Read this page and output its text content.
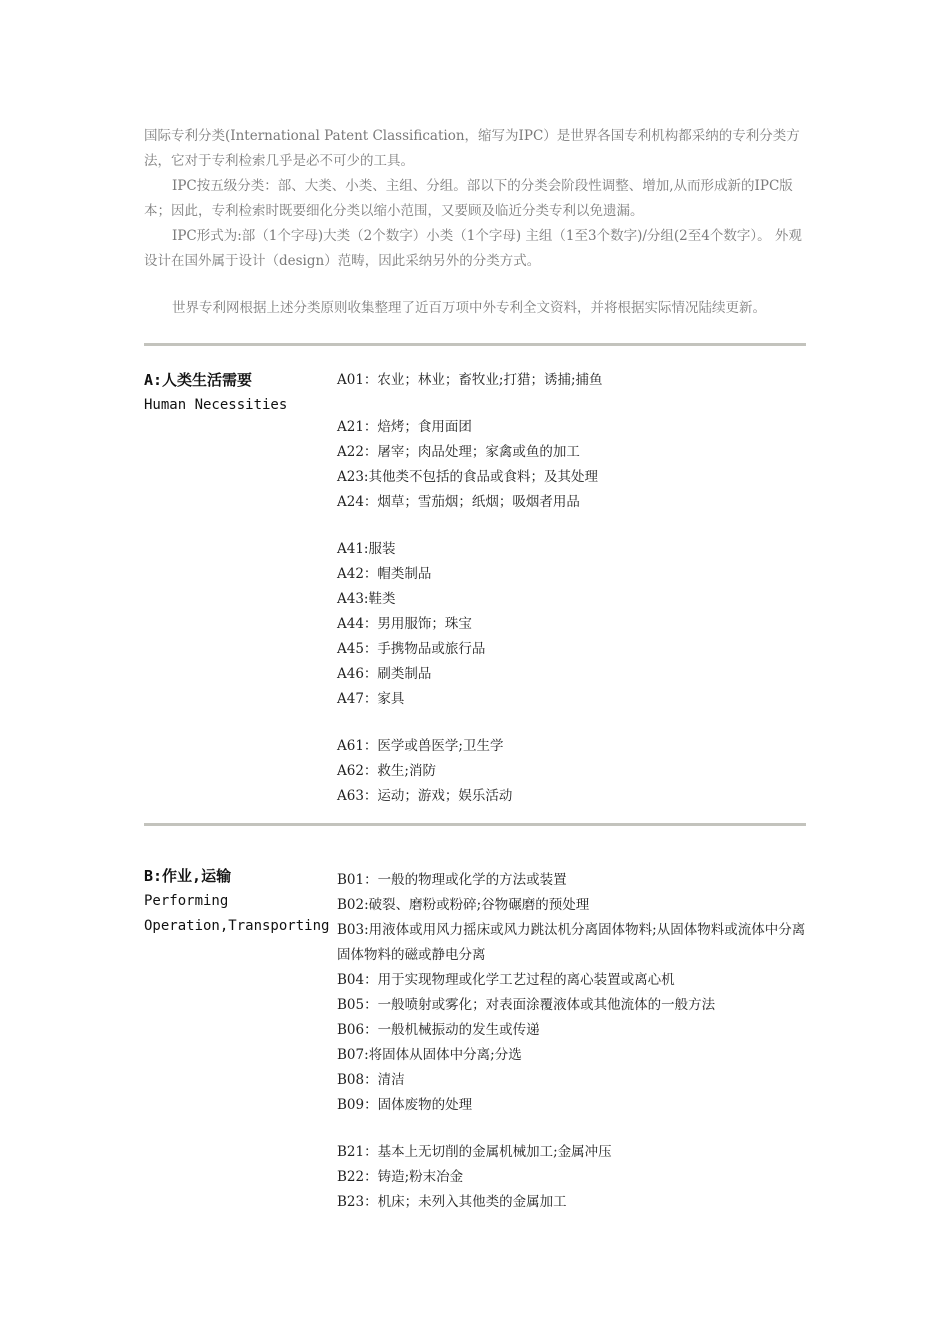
国际专利分类(International Patent Classification，缩写为IPC）是世界各国专利机构都采纳的专利分类方法，它对于专利检索几乎是必不可少的工具。

IPC按五级分类：部、大类、小类、主组、分组。部以下的分类会阶段性调整、增加,从而形成新的IPC版本；因此，专利检索时既要细化分类以缩小范围，又要顾及临近分类专利以免遗漏。

IPC形式为:部（1个字母)大类（2个数字）小类（1个字母) 主组（1至3个数字)/分组(2至4个数字）。 外观设计在国外属于设计（design）范畴，因此采纳另外的分类方式。

世界专利网根据上述分类原则收集整理了近百万项中外专利全文资料，并将根据实际情况陆续更新。

A:人类生活需要
Human Necessities
A01：农业；林业；畜牧业;打猎；诱捕;捕鱼
A21：焙烤；食用面团
A22：屠宰；肉品处理；家禽或鱼的加工
A23:其他类不包括的食品或食料；及其处理
A24：烟草；雪茄烟；纸烟；吸烟者用品
A41:服装
A42：帽类制品
A43:鞋类
A44：男用服饰；珠宝
A45：手携物品或旅行品
A46：刷类制品
A47：家具
A61：医学或兽医学;卫生学
A62：救生;消防
A63：运动；游戏；娱乐活动
B:作业,运输
Performing
Operation,Transporting
B01：一般的物理或化学的方法或装置
B02:破裂、磨粉或粉碎;谷物碾磨的预处理
B03:用液体或用风力摇床或风力跳汰机分离固体物料;从固体物料或流体中分离固体物料的磁或静电分离
B04：用于实现物理或化学工艺过程的离心装置或离心机
B05：一般喷射或雾化；对表面涂覆液体或其他流体的一般方法
B06：一般机械振动的发生或传递
B07:将固体从固体中分离;分选
B08：清洁
B09：固体废物的处理
B21：基本上无切削的金属机械加工;金属冲压
B22：铸造;粉末冶金
B23：机床；未列入其他类的金属加工
